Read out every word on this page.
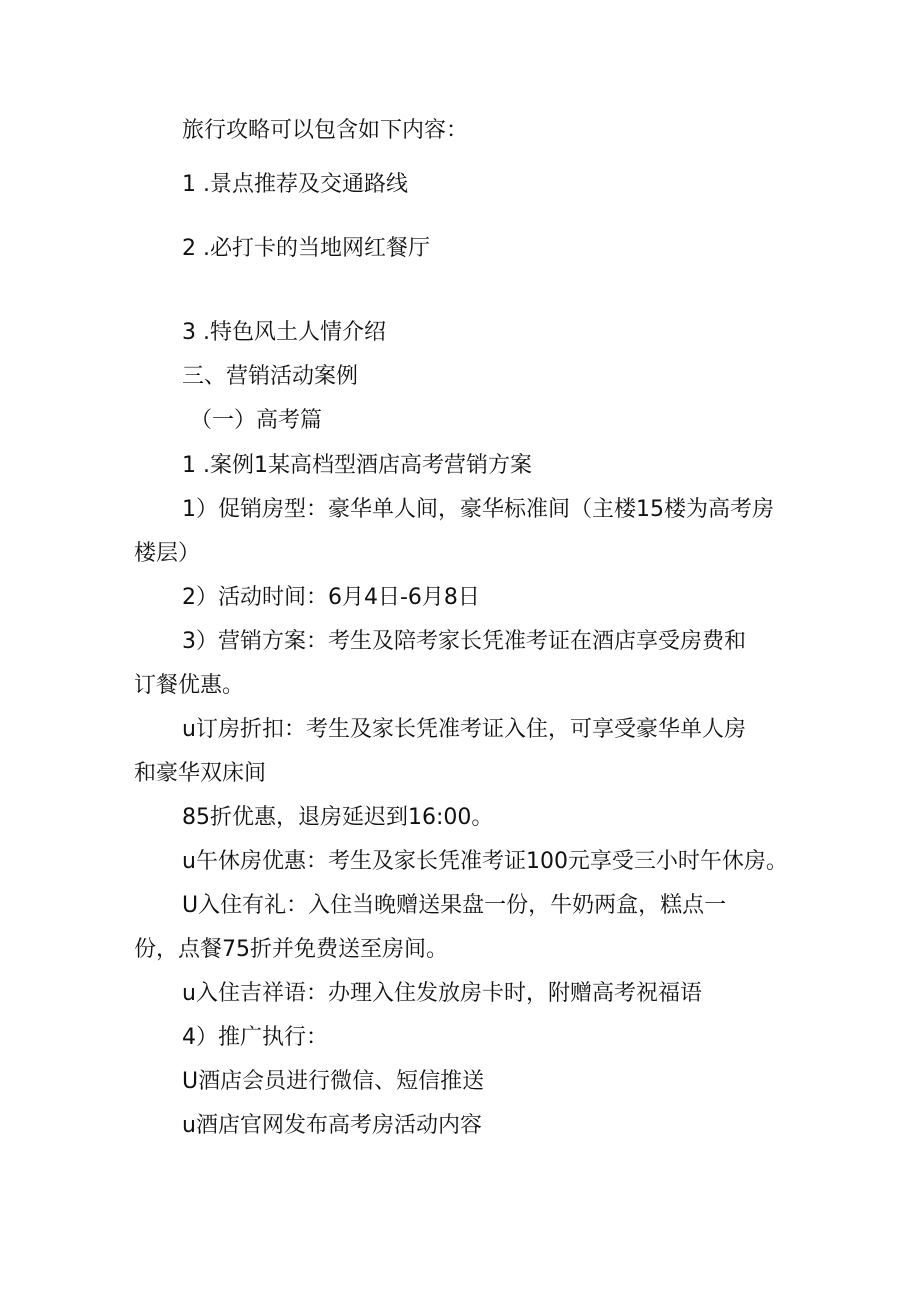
旅行攻略可以包含如下内容：
1 .景点推荐及交通路线
2 .必打卡的当地网红餐厅
3 .特色风土人情介绍
三、营销活动案例
（一）高考篇
1 .案例1某高档型酒店高考营销方案
1）促销房型：豪华单人间，豪华标准间（主楼15楼为高考房
楼层）
2）活动时间：6月4日-6月8日
3）营销方案：考生及陪考家长凭准考证在酒店享受房费和
订餐优惠。
u订房折扣：考生及家长凭准考证入住，可享受豪华单人房
和豪华双床间
85折优惠，退房延迟到16:00。
u午休房优惠：考生及家长凭准考证100元享受三小时午休房。
U入住有礼：入住当晚赠送果盘一份，牛奶两盒，糕点一
份，点餐75折并免费送至房间。
u入住吉祥语：办理入住发放房卡时，附赠高考祝福语
4）推广执行：
U酒店会员进行微信、短信推送
u酒店官网发布高考房活动内容
